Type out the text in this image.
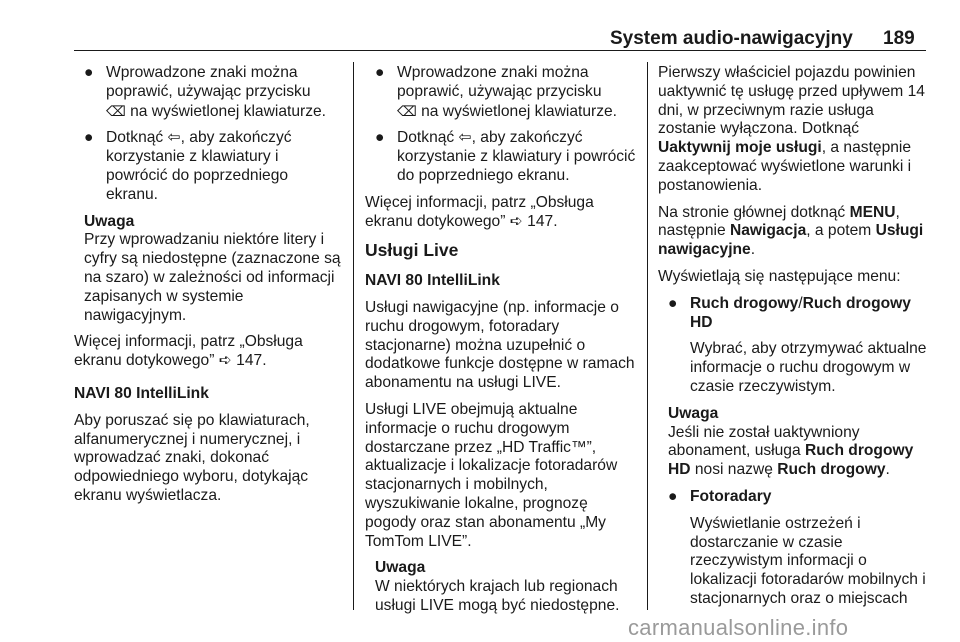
System audio-nawigacyjny 189
● Wprowadzone znaki można poprawić, używając przycisku
⌫ na wyświetlonej klawiaturze.
● Dotknąć ⇦, aby zakończyć korzystanie z klawiatury i powrócić do poprzedniego ekranu.
Uwaga
Przy wprowadzaniu niektóre litery i cyfry są niedostępne (zaznaczone są na szaro) w zależności od informacji zapisanych w systemie nawigacyjnym.

Więcej informacji, patrz „Obsługa ekranu dotykowego” ➪ 147.

NAVI 80 IntelliLink

Aby poruszać się po klawiaturach, alfanumerycznej i numerycznej, i wprowadzać znaki, dokonać odpowiedniego wyboru, dotykając ekranu wyświetlacza.

● Wprowadzone znaki można poprawić, używając przycisku
⌫ na wyświetlonej klawiaturze.
● Dotknąć ⇦, aby zakończyć korzystanie z klawiatury i powrócić do poprzedniego ekranu.

Więcej informacji, patrz „Obsługa ekranu dotykowego” ➪ 147.

Usługi Live

NAVI 80 IntelliLink

Usługi nawigacyjne (np. informacje o ruchu drogowym, fotoradary stacjonarne) można uzupełnić o dodatkowe funkcje dostępne w ramach abonamentu na usługi LIVE.

Usługi LIVE obejmują aktualne informacje o ruchu drogowym dostarczane przez „HD Traffic™”, aktualizacje i lokalizacje fotoradarów stacjonarnych i mobilnych, wyszukiwanie lokalne, prognozę pogody oraz stan abonamentu „My TomTom LIVE”.

Uwaga
W niektórych krajach lub regionach usługi LIVE mogą być niedostępne.

Pierwszy właściciel pojazdu powinien uaktywnić tę usługę przed upływem 14 dni, w przeciwnym razie usługa zostanie wyłączona. Dotknąć Uaktywnij moje usługi, a następnie zaakceptować wyświetlone warunki i postanowienia.

Na stronie głównej dotknąć MENU, następnie Nawigacja, a potem Usługi nawigacyjne.

Wyświetlają się następujące menu:

● Ruch drogowy/Ruch drogowy HD
Wybrać, aby otrzymywać aktualne informacje o ruchu drogowym w czasie rzeczywistym.
Uwaga
Jeśli nie został uaktywniony abonament, usługa Ruch drogowy HD nosi nazwę Ruch drogowy.
● Fotoradary
Wyświetlanie ostrzeżeń i dostarczanie w czasie rzeczywistym informacji o lokalizacji fotoradarów mobilnych i stacjonarnych oraz o miejscach
carmanualsonline.info
